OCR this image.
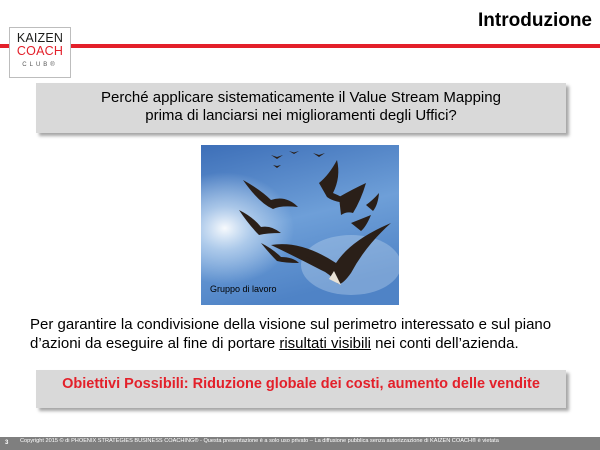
Introduzione
KAIZEN
COACH
CLUB®
Perché applicare sistematicamente il Value Stream Mapping
prima di lanciarsi nei miglioramenti degli Uffici?
Gruppo di lavoro

Per garantire la condivisione della visione sul perimetro interessato e sul piano d’azioni da eseguire al fine di portare risultati visibili nei conti dell’azienda.

Obiettivi Possibili: Riduzione globale dei costi, aumento delle vendite
3 Copyright 2015 © di PHOENIX STRATEGIES BUSINESS COACHING® - Questa presentazione è a solo uso privato – La diffusione pubblica senza autorizzazione di KAIZEN COACH® è vietata
